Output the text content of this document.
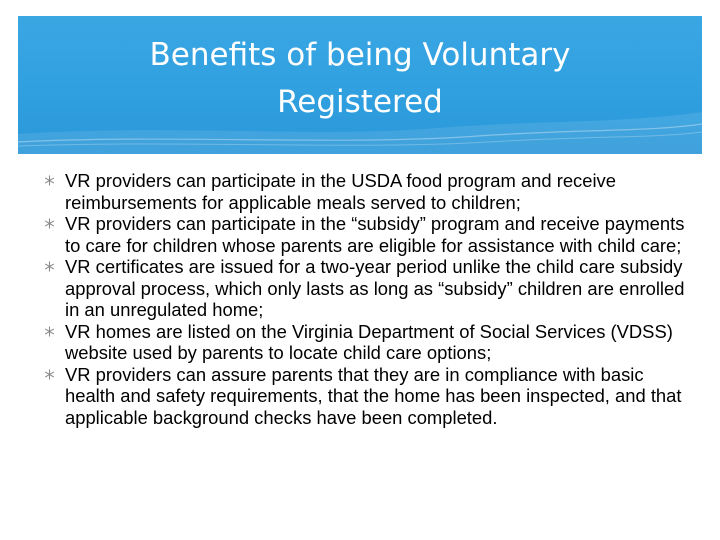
Benefits of being Voluntary
Registered
VR providers can participate in the USDA food program and receive reimbursements for applicable meals served to children;
VR providers can participate in the “subsidy” program and receive payments to care for children whose parents are eligible for assistance with child care;
VR certificates are issued for a two-year period unlike the child care subsidy approval process, which only lasts as long as “subsidy” children are enrolled in an unregulated home;
VR homes are listed on the Virginia Department of Social Services (VDSS) website used by parents to locate child care options;
VR providers can assure parents that they are in compliance with basic health and safety requirements, that the home has been inspected, and that applicable background checks have been completed.
